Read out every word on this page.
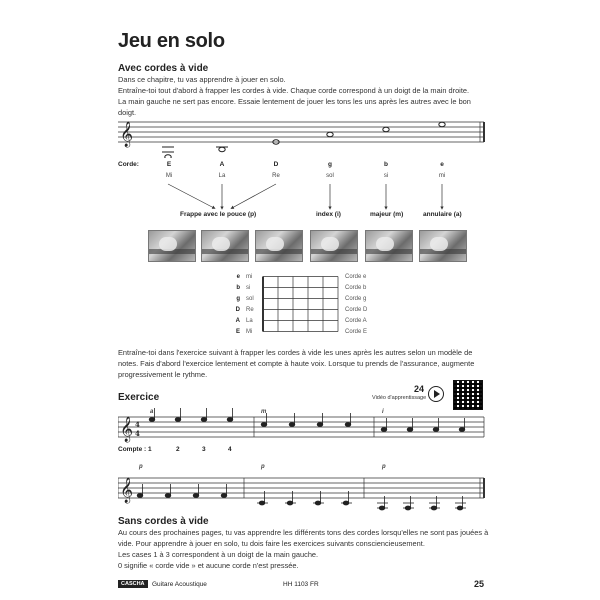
Jeu en solo
Avec cordes à vide

Dans ce chapitre, tu vas apprendre à jouer en solo.

Entraîne-toi tout d'abord à frapper les cordes à vide. Chaque corde correspond à un doigt de la main droite.

La main gauche ne sert pas encore. Essaie lentement de jouer les tons les uns après les autres avec le bon doigt.

𝄞
Corde:	E	A	D	g	b	e
Mi	La	Re	sol	si	mi
Frappe avec le pouce (p)	index (i)	majeur (m)	annulaire (a)
e mi
b si
g sol
D Re
A La
E Mi
Corde e
Corde b
Corde g
Corde D
Corde A
Corde E
Entraîne-toi dans l'exercice suivant à frapper les cordes à vide les unes après les autres selon un modèle de notes. Fais d'abord l'exercice lentement et compte à haute voix. Lorsque tu prends de l'assurance, augmente progressivement le rythme.
Exercice
24
Vidéo d'apprentissage
𝄞 4
4
a	m	i
Compte : 1	2	3	4
𝄞
p	p	p
Sans cordes à vide

Au cours des prochaines pages, tu vas apprendre les différents tons des cordes lorsqu'elles ne sont pas jouées à vide. Pour apprendre à jouer en solo, tu dois faire les exercices suivants consciencieusement.

Les cases 1 à 3 correspondent à un doigt de la main gauche.

0 signifie « corde vide » et aucune corde n'est pressée.

CASCHA	Guitare Acoustique	HH 1103 FR	25
